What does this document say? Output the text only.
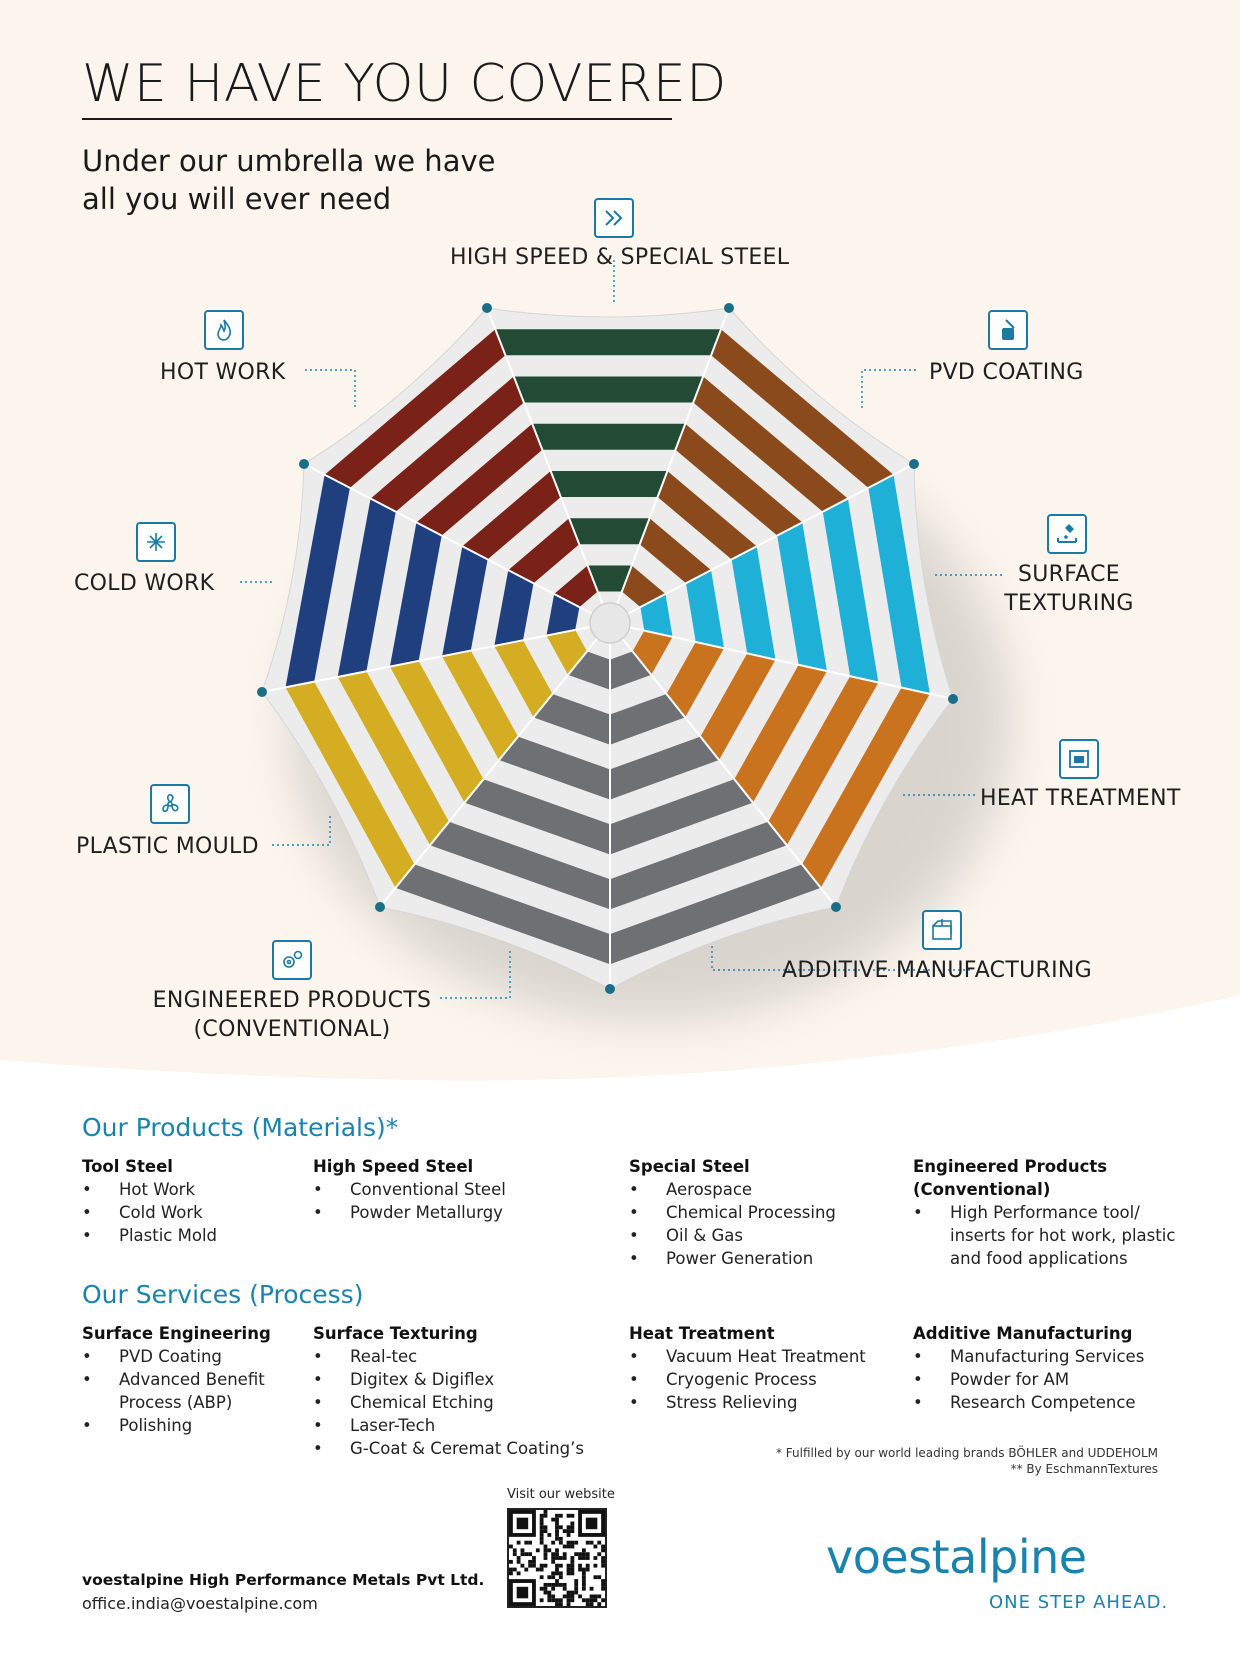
WE HAVE YOU COVERED
Under our umbrella we have
all you will ever need
HIGH SPEED & SPECIAL STEEL
HOT WORK	PVD COATING
COLD WORK	SURFACE
TEXTURING
HEAT TREATMENT
PLASTIC MOULD
ADDITIVE MANUFACTURING
ENGINEERED PRODUCTS
(CONVENTIONAL)
Our Products (Materials)*
Tool Steel
• Hot Work
• Cold Work
• Plastic Mold
High Speed Steel
• Conventional Steel
• Powder Metallurgy
Special Steel
• Aerospace
• Chemical Processing
• Oil & Gas
• Power Generation
Engineered Products
(Conventional)
• High Performance tool/
inserts for hot work, plastic
and food applications
Our Services (Process)
Surface Engineering
• PVD Coating
• Advanced Benefit
Process (ABP)
• Polishing
Surface Texturing
• Real-tec
• Digitex & Digiflex
• Chemical Etching
• Laser-Tech
• G-Coat & Ceremat Coating’s
Heat Treatment
• Vacuum Heat Treatment
• Cryogenic Process
• Stress Relieving
Additive Manufacturing
• Manufacturing Services
• Powder for AM
• Research Competence
* Fulfilled by our world leading brands BÖHLER and UDDEHOLM
** By EschmannTextures
Visit our website
voestalpine High Performance Metals Pvt Ltd.
office.india@voestalpine.com
voestalpine
ONE STEP AHEAD.
